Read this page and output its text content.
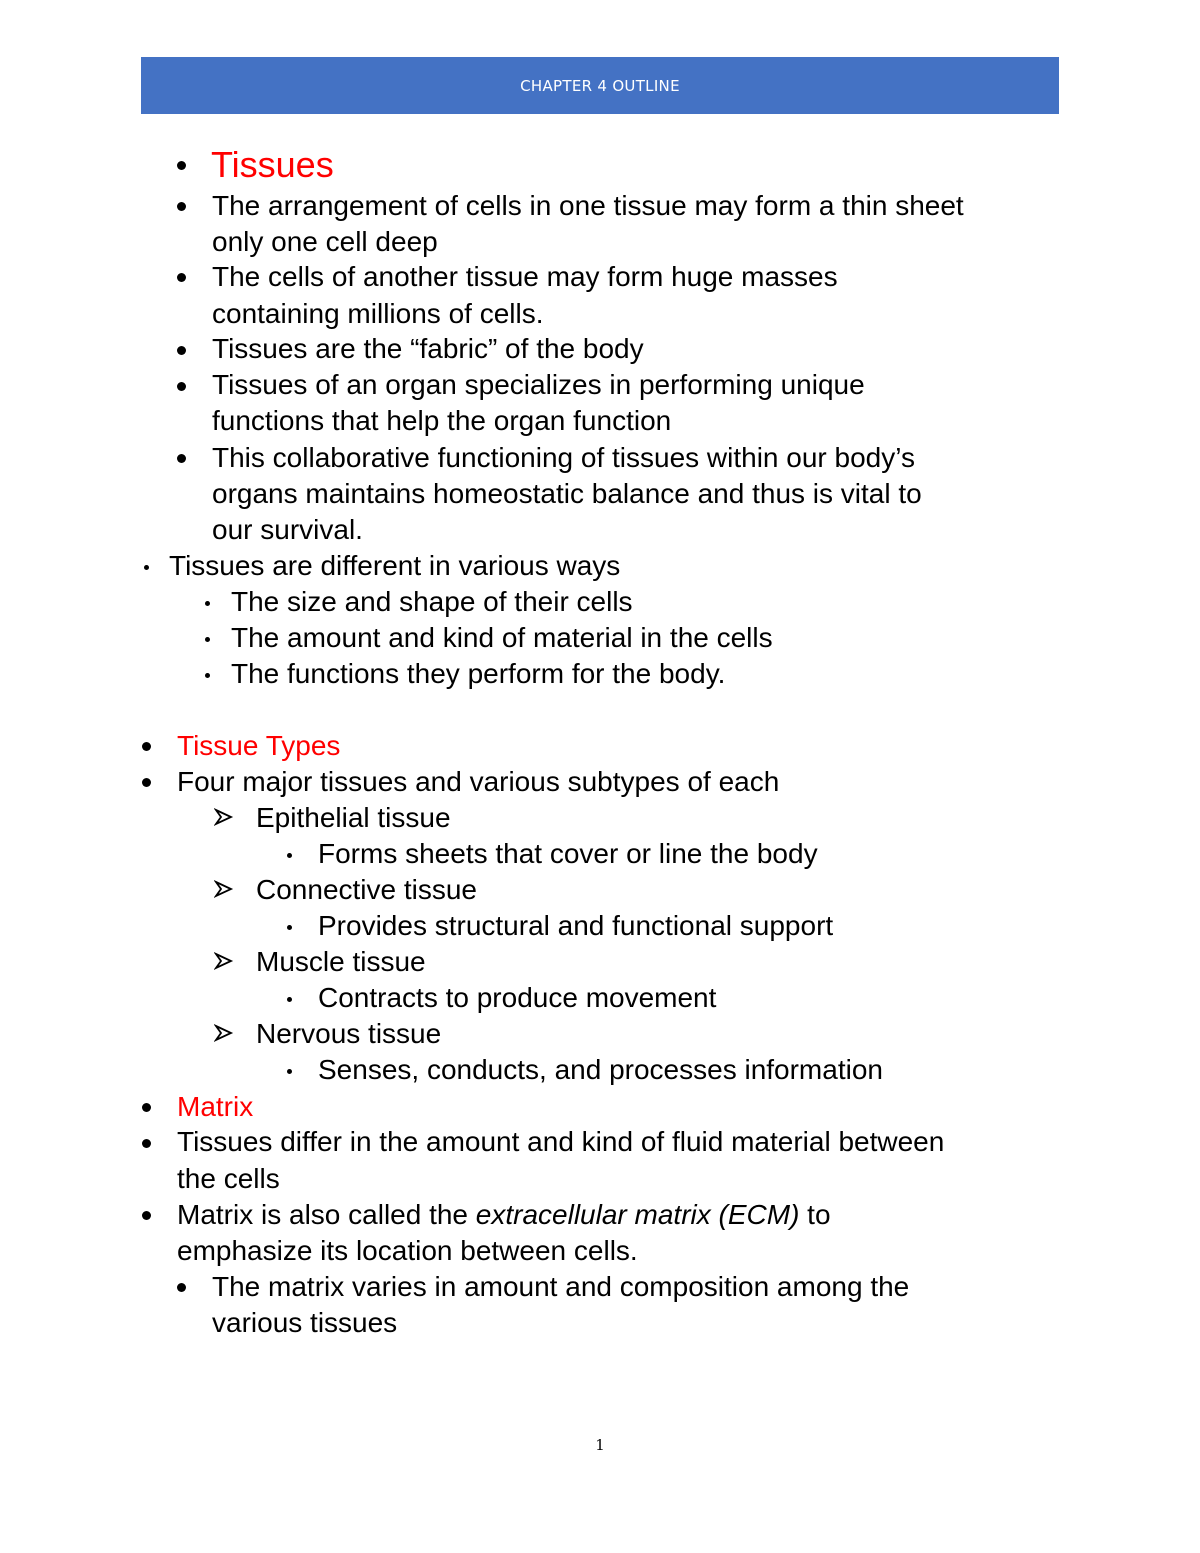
CHAPTER 4 OUTLINE
Tissues
The arrangement of cells in one tissue may form a thin sheet
only one cell deep
The cells of another tissue may form huge masses
containing millions of cells.
Tissues are the “fabric” of the body
Tissues of an organ specializes in performing unique
functions that help the organ function
This collaborative functioning of tissues within our body’s
organs maintains homeostatic balance and thus is vital to
our survival.
Tissues are different in various ways
The size and shape of their cells
The amount and kind of material in the cells
The functions they perform for the body.
Tissue Types
Four major tissues and various subtypes of each
Epithelial tissue
Forms sheets that cover or line the body
Connective tissue
Provides structural and functional support
Muscle tissue
Contracts to produce movement
Nervous tissue
Senses, conducts, and processes information
Matrix
Tissues differ in the amount and kind of fluid material between
the cells
Matrix is also called the extracellular matrix (ECM) to
emphasize its location between cells.
The matrix varies in amount and composition among the
various tissues
1
